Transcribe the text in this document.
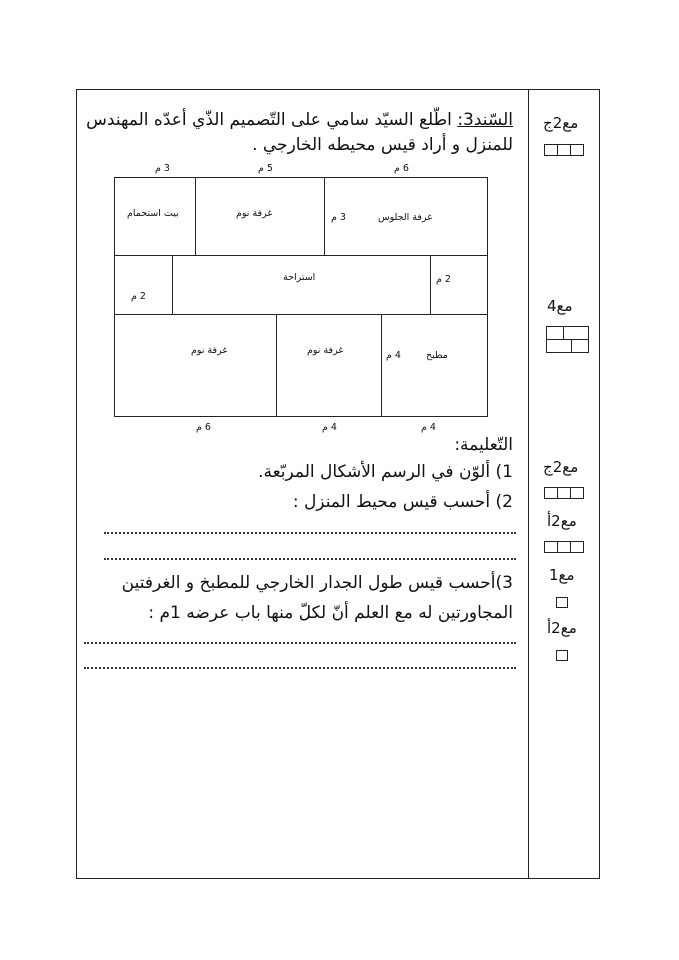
السّند3: اطّلع السيّد سامي على التّصميم الذّي أعدّه المهندس
للمنزل و أراد قيس محيطه الخارجي .
3 م	5 م	6 م
بيت استحمام	غرفة نوم	غرفة الجلوس
3 م
استراحة
2 م
2 م
غرفة نوم	غرفة نوم	مطبخ
4 م
6 م	4 م	4 م
التّعليمة:
1) ألوّن في الرسم الأشكال المربّعة.
2) أحسب قيس محيط المنزل :
3)أحسب قيس طول الجدار الخارجي للمطبخ و الغرفتين
المجاورتين له مع العلم أنّ لكلّ منها باب عرضه 1م :
مع2ج
مع4
مع2ج
مع2أ
مع1
مع2أ
